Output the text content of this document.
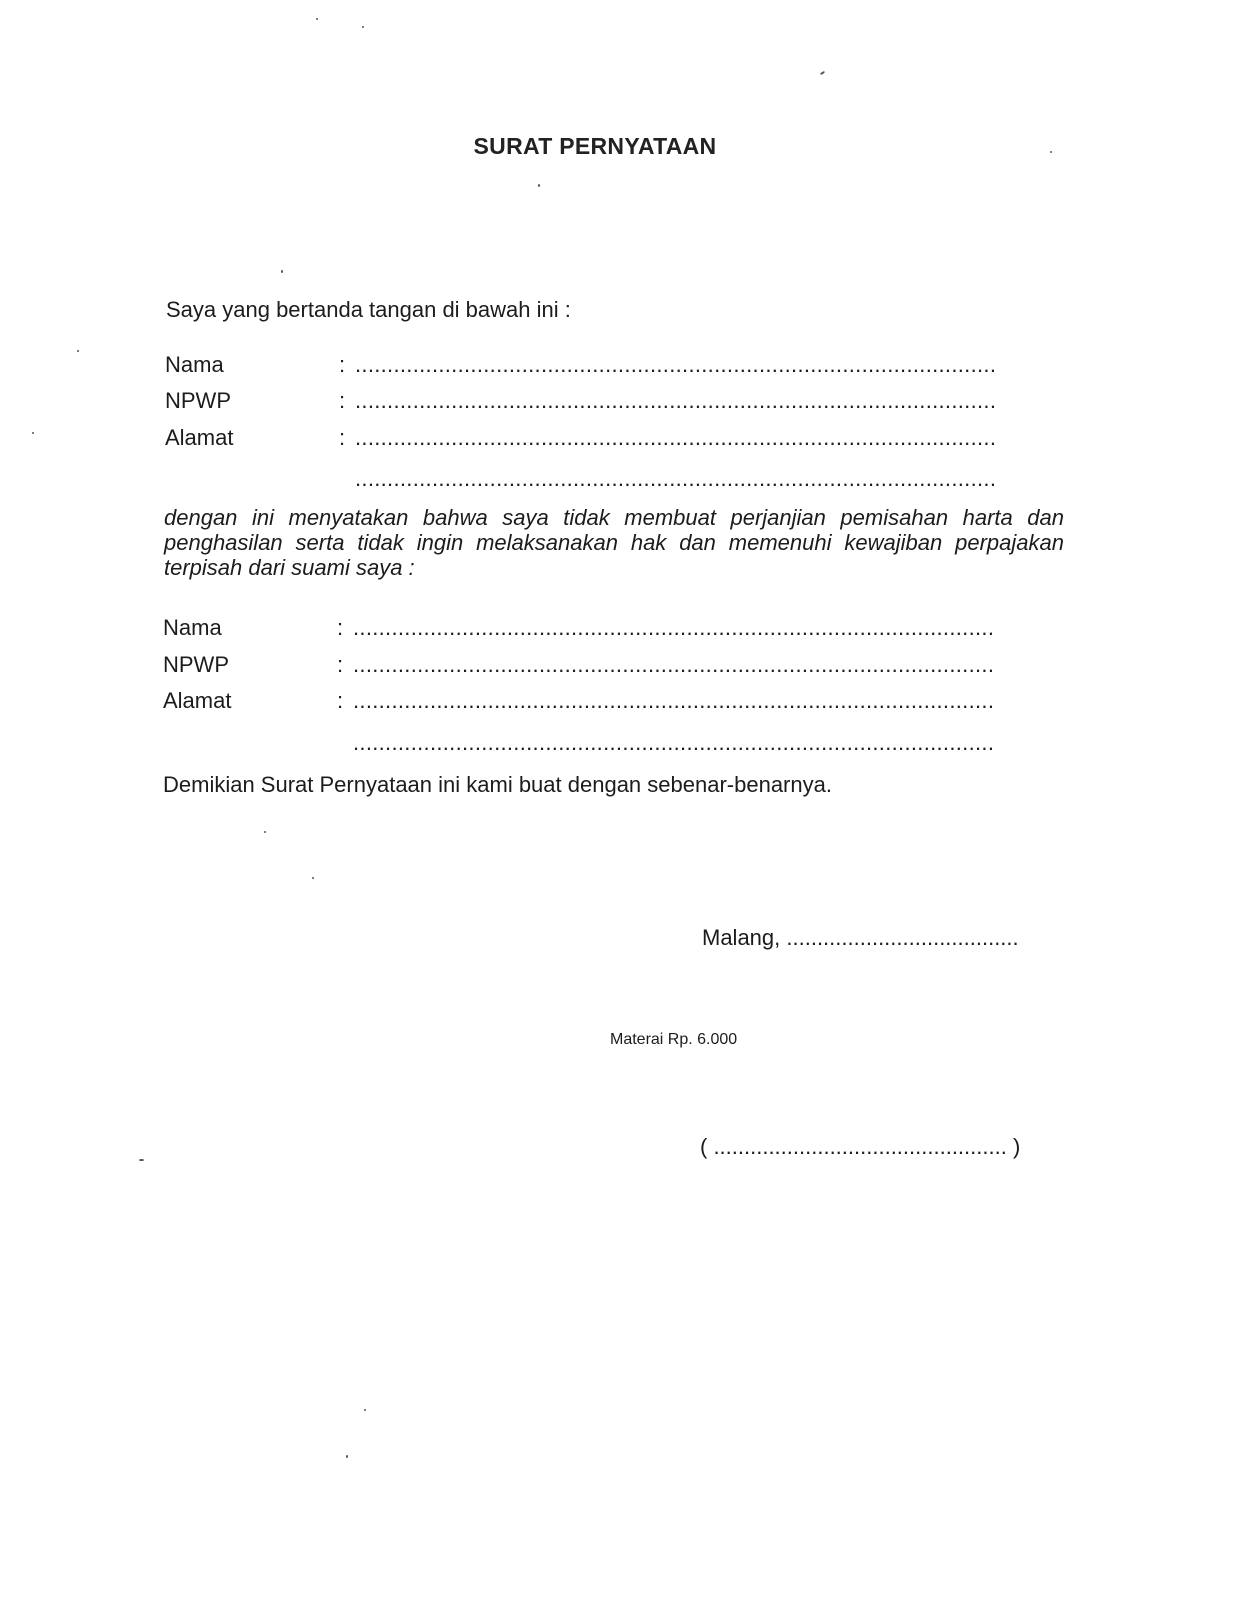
SURAT PERNYATAAN
Saya yang bertanda tangan di bawah ini :
Nama	: ....................................................................................................
NPWP	: ....................................................................................................
Alamat	: ....................................................................................................
....................................................................................................
dengan ini menyatakan bahwa saya tidak membuat perjanjian pemisahan harta dan penghasilan serta tidak ingin melaksanakan hak dan memenuhi kewajiban perpajakan terpisah dari suami saya :
Nama	: ....................................................................................................
NPWP	: ....................................................................................................
Alamat	: ....................................................................................................
....................................................................................................
Demikian Surat Pernyataan ini kami buat dengan sebenar-benarnya.
Malang, ......................................
Materai Rp. 6.000
( ................................................ )
